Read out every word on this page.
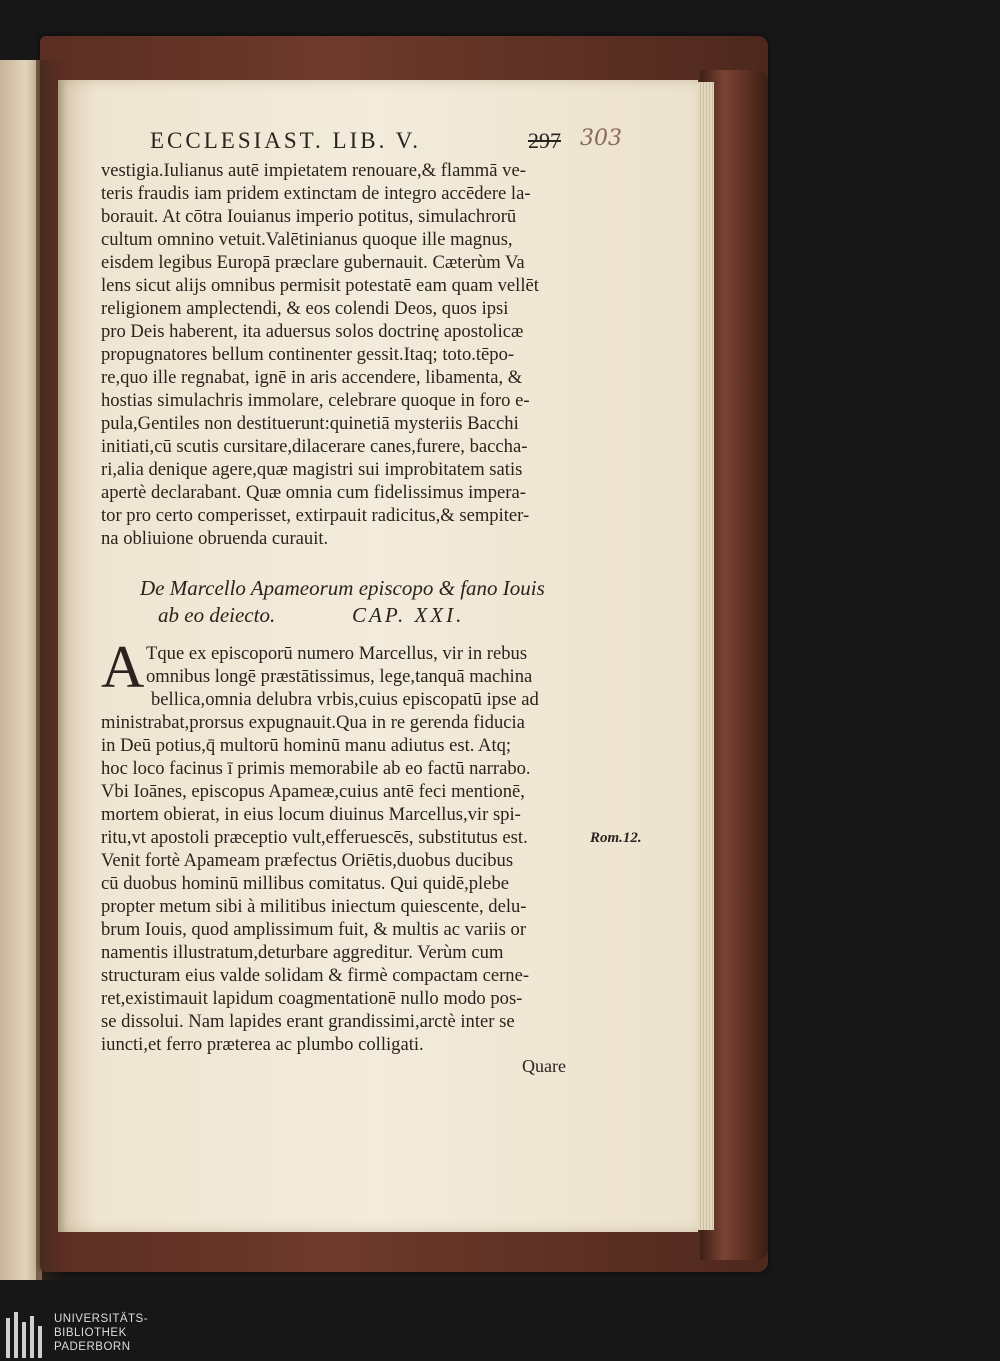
ECCLESIAST. LIB. V.	297 303
vestigia.Iulianus autē impietatem renouare,& flammā ve-
teris fraudis iam pridem extinctam de integro accēdere la-
borauit. At cōtra Iouianus imperio potitus, simulachrorū
cultum omnino vetuit.Valētinianus quoque ille magnus,
eisdem legibus Europā præclare gubernauit. Cæterùm Va
lens sicut alijs omnibus permisit potestatē eam quam vellēt
religionem amplectendi, & eos colendi Deos, quos ipsi
pro Deis haberent, ita aduersus solos doctrinę apostolicæ
propugnatores bellum continenter gessit.Itaq; toto.tēpo-
re,quo ille regnabat, ignē in aris accendere, libamenta, &
hostias simulachris immolare, celebrare quoque in foro e-
pula,Gentiles non destituerunt:quinetiā mysteriis Bacchi
initiati,cū scutis cursitare,dilacerare canes,furere, baccha-
ri,alia denique agere,quæ magistri sui improbitatem satis
apertè declarabant. Quæ omnia cum fidelissimus impera-
tor pro certo comperisset, extirpauit radicitus,& sempiter-
na obliuione obruenda curauit.
De Marcello Apameorum episcopo & fano Iouis
ab eo deiecto.	CAP. XXI.
A Tque ex episcoporū numero Marcellus, vir in rebus
omnibus longē præstātissimus, lege,tanquā machina
bellica,omnia delubra vrbis,cuius episcopatū ipse ad
ministrabat,prorsus expugnauit.Qua in re gerenda fiducia
in Deū potius,q̄ multorū hominū manu adiutus est. Atq;
hoc loco facinus ī primis memorabile ab eo factū narrabo.
Vbi Ioānes, episcopus Apameæ,cuius antē feci mentionē,
mortem obierat, in eius locum diuinus Marcellus,vir spi-
ritu,vt apostoli præceptio vult,efferuescēs, substitutus est.
Venit fortè Apameam præfectus Oriētis,duobus ducibus
cū duobus hominū millibus comitatus. Qui quidē,plebe
propter metum sibi à militibus iniectum quiescente, delu-
brum Iouis, quod amplissimum fuit, & multis ac variis or
namentis illustratum,deturbare aggreditur. Verùm cum
structuram eius valde solidam & firmè compactam cerne-
ret,existimauit lapidum coagmentationē nullo modo pos-
se dissolui. Nam lapides erant grandissimi,arctè inter se
iuncti,et ferro præterea ac plumbo colligati.
Rom.12.
Quare
UNIVERSITÄTS-
BIBLIOTHEK
PADERBORN
